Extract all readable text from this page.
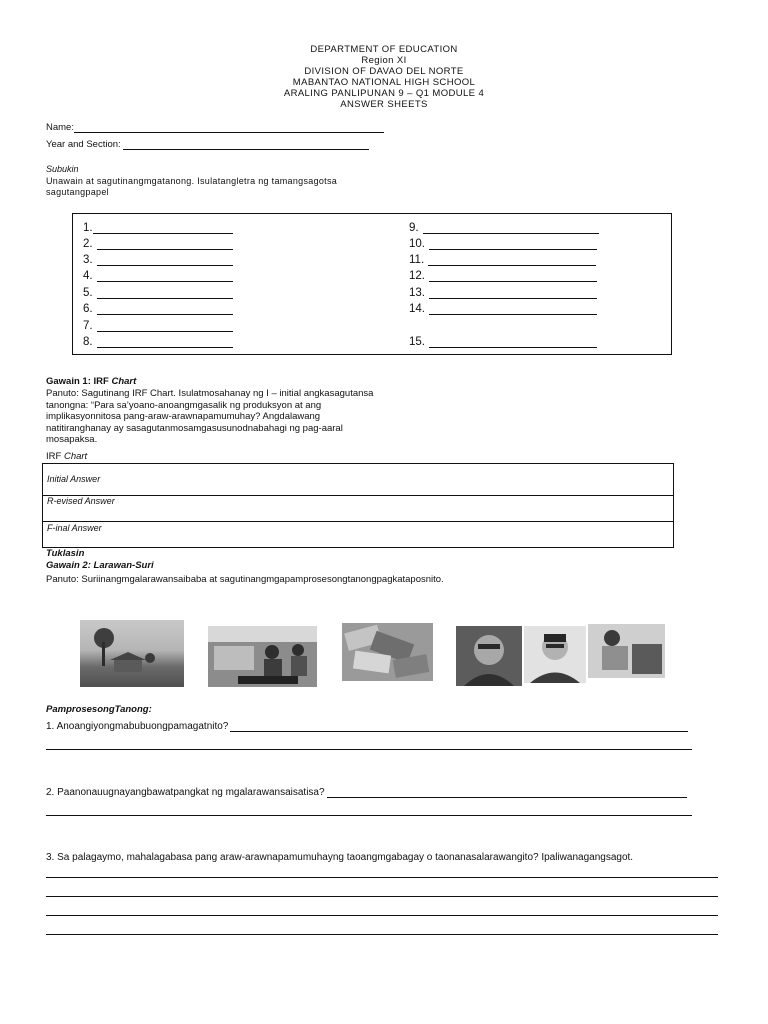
DEPARTMENT OF EDUCATION
Region XI
DIVISION OF DAVAO DEL NORTE
MABANTAO NATIONAL HIGH SCHOOL
ARALING PANLIPUNAN 9 – Q1 MODULE 4
ANSWER SHEETS
Name:
Year and Section:
Subukin
Unawain at sagutinangmgatanong. Isulatangletra ng tamangsagotsa sagutangpapel
1.
2.
3.
4.
5.
6.
7.
8.
9.
10.
11.
12.
13.
14.
15.
Gawain 1: IRF Chart
Panuto: Sagutinang IRF Chart. Isulatmosahanay ng I – initial angkasagutansa tanongna: “Para sa’yoano-anoangmgasalik ng produksyon at ang implikasyonnitosa pang-araw-arawnapamumuhay? Angdalawang natitiranghanay ay sasagutanmosamgasusunodnabahagi ng pag-aaral mosapaksa.
IRF Chart
Initial Answer
R-evised Answer
F-inal Answer
Tuklasin
Gawain 2: Larawan-Suri
Panuto: Suriinangmgalarawansaibaba at sagutinangmgapamprosesongtanongpagkataposnito.
PamprosesongTanong:
1. Anoangiyongmabubuongpamagatnito?
2. Paanonauugnayangbawatpangkat ng mgalarawansaisatisa?
3. Sa palagaymo, mahalagabasa pang araw-arawnapamumuhayng taoangmgabagay o taonanasalarawangito? Ipaliwanagangsagot.
